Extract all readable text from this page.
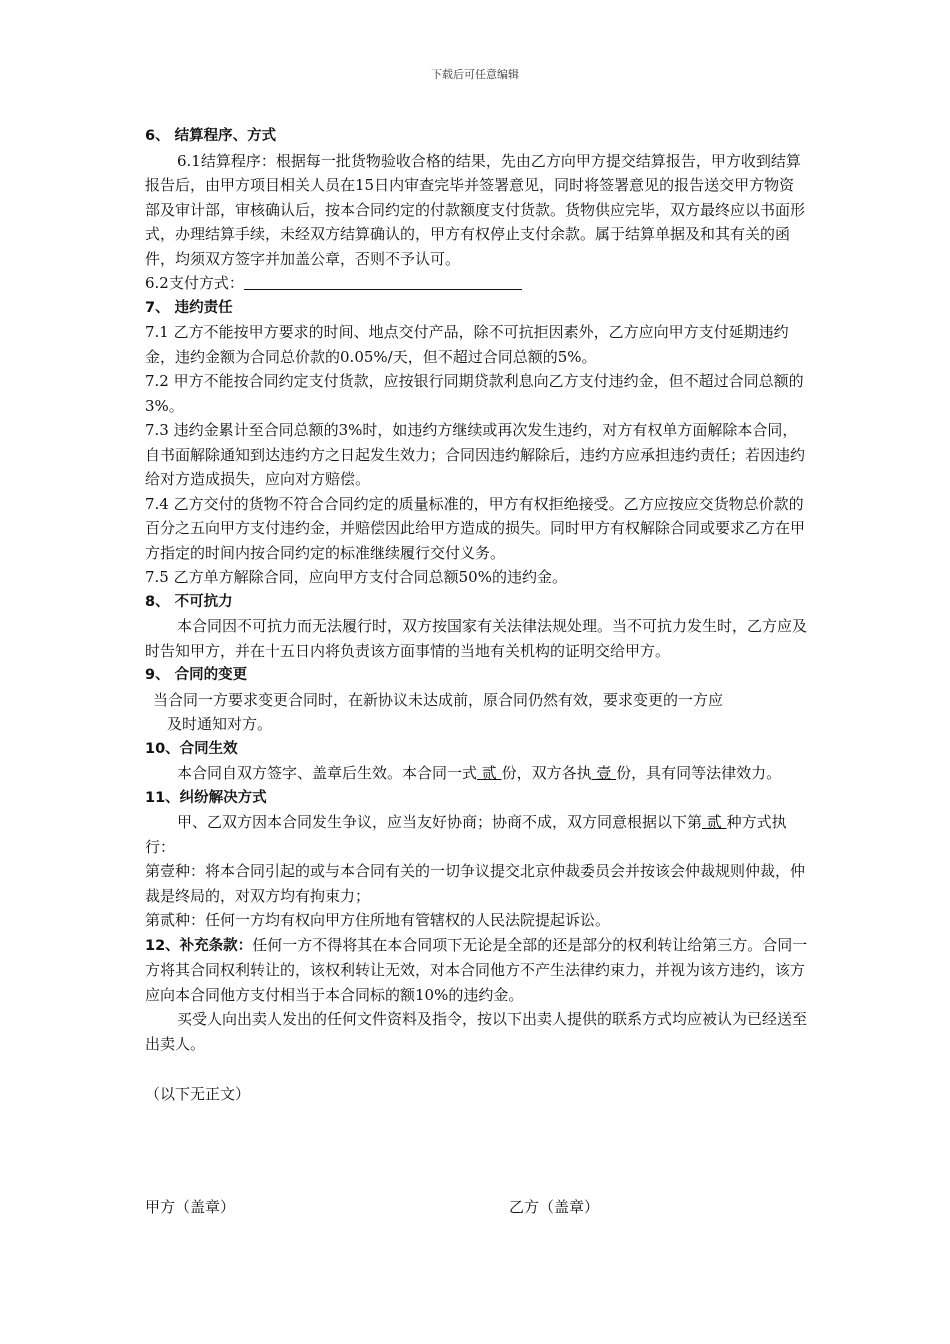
下载后可任意编辑

6、 结算程序、方式

6.1结算程序：根据每一批货物验收合格的结果，先由乙方向甲方提交结算报告，甲方收到结算报告后，由甲方项目相关人员在15日内审查完毕并签署意见，同时将签署意见的报告送交甲方物资部及审计部，审核确认后，按本合同约定的付款额度支付货款。货物供应完毕，双方最终应以书面形式，办理结算手续，未经双方结算确认的，甲方有权停止支付余款。属于结算单据及和其有关的函件，均须双方签字并加盖公章，否则不予认可。

6.2支付方式：

7、 违约责任

7.1 乙方不能按甲方要求的时间、地点交付产品，除不可抗拒因素外，乙方应向甲方支付延期违约金，违约金额为合同总价款的0.05%/天，但不超过合同总额的5%。

7.2 甲方不能按合同约定支付货款，应按银行同期贷款利息向乙方支付违约金，但不超过合同总额的3%。

7.3 违约金累计至合同总额的3%时，如违约方继续或再次发生违约，对方有权单方面解除本合同，自书面解除通知到达违约方之日起发生效力；合同因违约解除后，违约方应承担违约责任；若因违约给对方造成损失，应向对方赔偿。

7.4 乙方交付的货物不符合合同约定的质量标准的，甲方有权拒绝接受。乙方应按应交货物总价款的百分之五向甲方支付违约金，并赔偿因此给甲方造成的损失。同时甲方有权解除合同或要求乙方在甲方指定的时间内按合同约定的标准继续履行交付义务。

7.5 乙方单方解除合同，应向甲方支付合同总额50%的违约金。

8、 不可抗力

本合同因不可抗力而无法履行时，双方按国家有关法律法规处理。当不可抗力发生时，乙方应及时告知甲方，并在十五日内将负责该方面事情的当地有关机构的证明交给甲方。

9、 合同的变更

当合同一方要求变更合同时，在新协议未达成前，原合同仍然有效，要求变更的一方应

及时通知对方。

10、合同生效

本合同自双方签字、盖章后生效。本合同一式 贰 份，双方各执 壹 份，具有同等法律效力。

11、纠纷解决方式

甲、乙双方因本合同发生争议，应当友好协商；协商不成，双方同意根据以下第 贰 种方式执行：

第壹种：将本合同引起的或与本合同有关的一切争议提交北京仲裁委员会并按该会仲裁规则仲裁，仲裁是终局的，对双方均有拘束力；

第贰种：任何一方均有权向甲方住所地有管辖权的人民法院提起诉讼。

12、补充条款：任何一方不得将其在本合同项下无论是全部的还是部分的权利转让给第三方。合同一方将其合同权利转让的，该权利转让无效，对本合同他方不产生法律约束力，并视为该方违约，该方应向本合同他方支付相当于本合同标的额10%的违约金。

买受人向出卖人发出的任何文件资料及指令，按以下出卖人提供的联系方式均应被认为已经送至出卖人。

（以下无正文）

甲方（盖章）	乙方（盖章）
